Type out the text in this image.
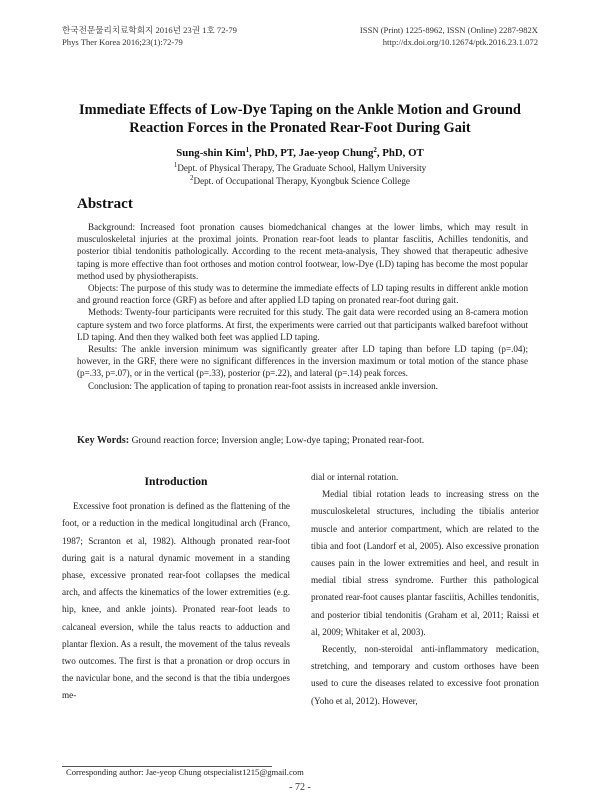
한국전문물리치료학회지 2016년 23권 1호 72-79	ISSN (Print) 1225-8962, ISSN (Online) 2287-982X
Phys Ther Korea 2016;23(1):72-79	http://dx.doi.org/10.12674/ptk.2016.23.1.072
Immediate Effects of Low-Dye Taping on the Ankle Motion and Ground
Reaction Forces in the Pronated Rear-Foot During Gait
Sung-shin Kim$^1$, PhD, PT, Jae-yeop Chung$^2$, PhD, OT
$^1$Dept. of Physical Therapy, The Graduate School, Hallym University
$^2$Dept. of Occupational Therapy, Kyongbuk Science College
Abstract

Background: Increased foot pronation causes biomedchanical changes at the lower limbs, which may result in musculoskeletal injuries at the proximal joints. Pronation rear-foot leads to plantar fasciitis, Achilles tendonitis, and posterior tibial tendonitis pathologically. According to the recent meta-analysis, They showed that therapeutic adhesive taping is more effective than foot orthoses and motion control footwear, low-Dye (LD) taping has become the most popular method used by physiotherapists.

Objects: The purpose of this study was to determine the immediate effects of LD taping results in different ankle motion and ground reaction force (GRF) as before and after applied LD taping on pronated rear-foot during gait.

Methods: Twenty-four participants were recruited for this study. The gait data were recorded using an 8-camera motion capture system and two force platforms. At first, the experiments were carried out that participants walked barefoot without LD taping. And then they walked both feet was applied LD taping.

Results: The ankle inversion minimum was significantly greater after LD taping than before LD taping (p=.04); however, in the GRF, there were no significant differences in the inversion maximum or total motion of the stance phase (p=.33, p=.07), or in the vertical (p=.33), posterior (p=.22), and lateral (p=.14) peak forces.

Conclusion: The application of taping to pronation rear-foot assists in increased ankle inversion.

Key Words: Ground reaction force; Inversion angle; Low-dye taping; Pronated rear-foot.
Introduction

Excessive foot pronation is defined as the flattening of the foot, or a reduction in the medical longitudinal arch (Franco, 1987; Scranton et al, 1982). Although pronated rear-foot during gait is a natural dynamic movement in a standing phase, excessive pronated rear-foot collapses the medical arch, and affects the kinematics of the lower extremities (e.g. hip, knee, and ankle joints). Pronated rear-foot leads to calcaneal eversion, while the talus reacts to adduction and plantar flexion. As a result, the movement of the talus reveals two outcomes. The first is that a pronation or drop occurs in the navicular bone, and the second is that the tibia undergoes me-

dial or internal rotation.

Medial tibial rotation leads to increasing stress on the musculoskeletal structures, including the tibialis anterior muscle and anterior compartment, which are related to the tibia and foot (Landorf et al, 2005). Also excessive pronation causes pain in the lower extremities and heel, and result in medial tibial stress syndrome. Further this pathological pronated rear-foot causes plantar fasciitis, Achilles tendonitis, and posterior tibial tendonitis (Graham et al, 2011; Raissi et al, 2009; Whitaker et al, 2003).

Recently, non-steroidal anti-inflammatory medication, stretching, and temporary and custom orthoses have been used to cure the diseases related to excessive foot pronation (Yoho et al, 2012). However,

Corresponding author: Jae-yeop Chung otspecialist1215@gmail.com
- 72 -
